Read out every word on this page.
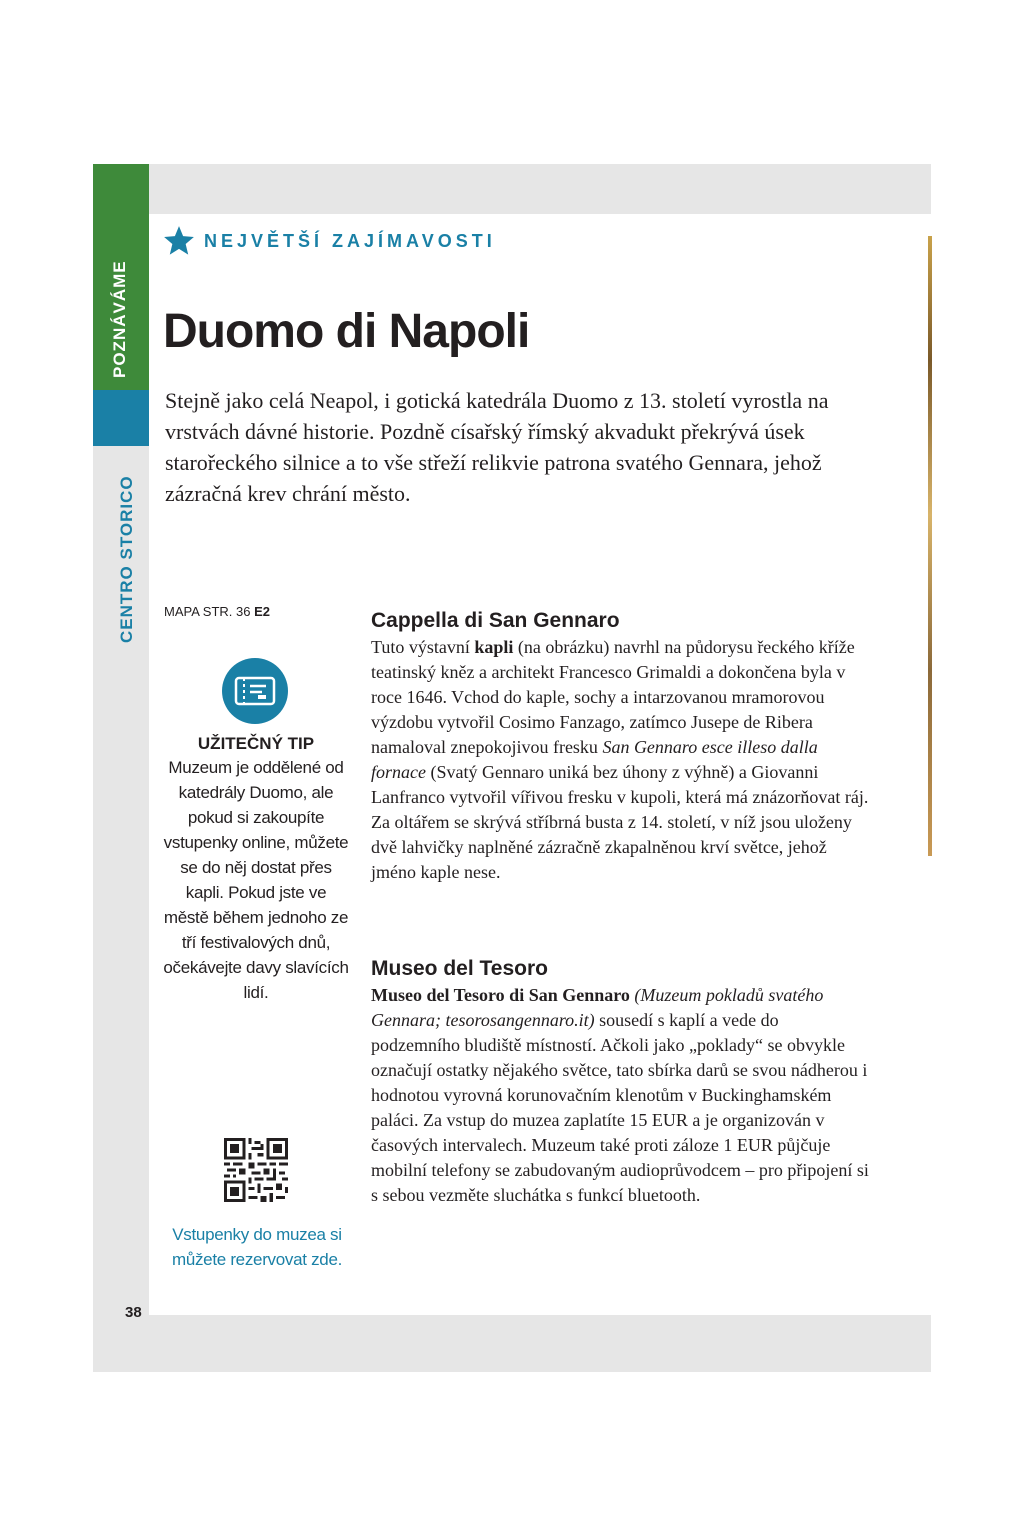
POZNÁVÁME
CENTRO STORICO
NEJVĚTŠÍ ZAJÍMAVOSTI
Duomo di Napoli

Stejně jako celá Neapol, i gotická katedrála Duomo z 13. století vyrostla na vrstvách dávné historie. Pozdně císařský římský akvadukt překrývá úsek starořeckého silnice a to vše střeží relikvie patrona svatého Gennara, jehož zázračná krev chrání město.

MAPA STR. 36 E2
UŽITEČNÝ TIP

Muzeum je oddělené od katedrály Duomo, ale pokud si zakoupíte vstupenky online, můžete se do něj dostat přes kapli. Pokud jste ve městě během jednoho ze tří festivalových dnů, očekávejte davy slavících lidí.

Vstupenky do muzea si můžete rezervovat zde.
Cappella di San Gennaro

Tuto výstavní kapli (na obrázku) navrhl na půdorysu řeckého kříže teatinský kněz a architekt Francesco Grimaldi a dokončena byla v roce 1646. Vchod do kaple, sochy a intarzovanou mramorovou výzdobu vytvořil Cosimo Fanzago, zatímco Jusepe de Ribera namaloval znepokojivou fresku San Gennaro esce illeso dalla fornace (Svatý Gennaro uniká bez úhony z výhně) a Giovanni Lanfranco vytvořil vířivou fresku v kupoli, která má znázorňovat ráj. Za oltářem se skrývá stříbrná busta z 14. století, v níž jsou uloženy dvě lahvičky naplněné zázračně zkapalněnou krví světce, jehož jméno kaple nese.

Museo del Tesoro

Museo del Tesoro di San Gennaro (Muzeum pokladů svatého Gennara; tesorosangennaro.it) sousedí s kaplí a vede do podzemního bludiště místností. Ačkoli jako „poklady“ se obvykle označují ostatky nějakého světce, tato sbírka darů se svou nádherou i hodnotou vyrovná korunovačním klenotům v Buckinghamském paláci. Za vstup do muzea zaplatíte 15 EUR a je organizován v časových intervalech. Muzeum také proti záloze 1 EUR půjčuje mobilní telefony se zabudovaným audioprůvodcem – pro připojení si s sebou vezměte sluchátka s funkcí bluetooth.

38
